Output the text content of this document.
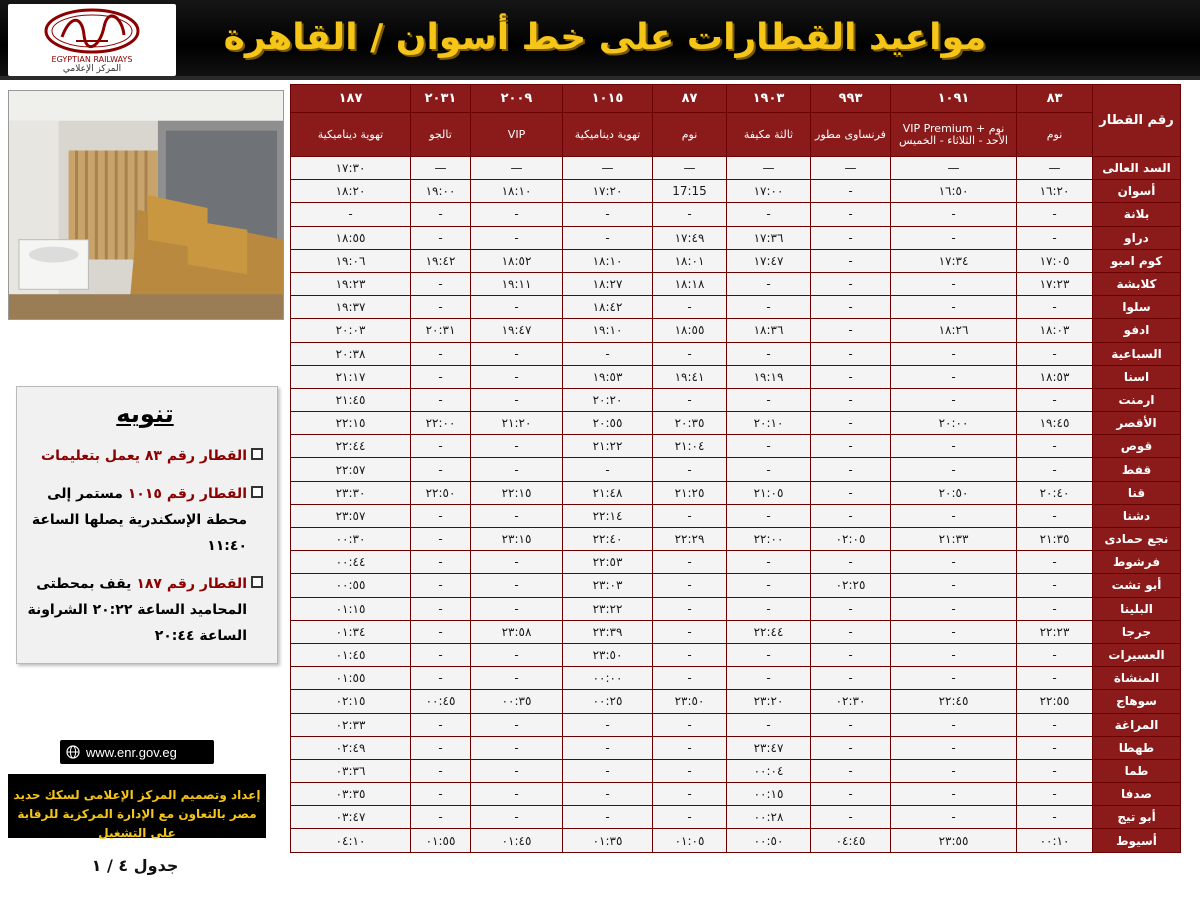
EGYPTIAN RAILWAYS
المركز الإعلامي
مواعيد القطارات على خط أسوان / القاهرة
تنويه
القطار رقم ٨٣ يعمل بتعليمات
القطار رقم ١٠١٥ مستمر إلى محطة الإسكندرية يصلها الساعة ١١:٤٠
القطار رقم ١٨٧ يقف بمحطتى المحاميد الساعة ٢٠:٢٢ الشراونة الساعة ٢٠:٤٤
www.enr.gov.eg
إعداد وتصميم المركز الإعلامى لسكك حديد مصر بالتعاون مع الإدارة المركزية للرقابة على التشغيل
جدول ٤ / ١
رقم القطار	٨٣	١٠٩١	٩٩٣	١٩٠٣	٨٧	١٠١٥	٢٠٠٩	٢٠٣١	١٨٧
	نوم	نوم + VIP Premium الأحد - الثلاثاء - الخميس	فرنساوى مطور	ثالثة مكيفة	نوم	تهوية ديناميكية	VIP	تالجو	تهوية ديناميكية
السد العالى	—	—	—	—	—	—	—	—	١٧:٣٠
أسوان	١٦:٢٠	١٦:٥٠	-	١٧:٠٠	17:15	١٧:٢٠	١٨:١٠	١٩:٠٠	١٨:٢٠
بلانة	-	-	-	-	-	-	-	-	-
دراو	-	-	-	١٧:٣٦	١٧:٤٩	-	-	-	١٨:٥٥
كوم امبو	١٧:٠٥	١٧:٣٤	-	١٧:٤٧	١٨:٠١	١٨:١٠	١٨:٥٢	١٩:٤٢	١٩:٠٦
كلابشة	١٧:٢٣	-	-	-	١٨:١٨	١٨:٢٧	١٩:١١	-	١٩:٢٣
سلوا	-	-	-	-	-	١٨:٤٢	-	-	١٩:٣٧
ادفو	١٨:٠٣	١٨:٢٦	-	١٨:٣٦	١٨:٥٥	١٩:١٠	١٩:٤٧	٢٠:٣١	٢٠:٠٣
السباعية	-	-	-	-	-	-	-	-	٢٠:٣٨
اسنا	١٨:٥٣	-	-	١٩:١٩	١٩:٤١	١٩:٥٣	-	-	٢١:١٧
ارمنت	-	-	-	-	-	٢٠:٢٠	-	-	٢١:٤٥
الأقصر	١٩:٤٥	٢٠:٠٠	-	٢٠:١٠	٢٠:٣٥	٢٠:٥٥	٢١:٢٠	٢٢:٠٠	٢٢:١٥
قوص	-	-	-	-	٢١:٠٤	٢١:٢٢	-	-	٢٢:٤٤
قفط	-	-	-	-	-	-	-	-	٢٢:٥٧
قنا	٢٠:٤٠	٢٠:٥٠	-	٢١:٠٥	٢١:٢٥	٢١:٤٨	٢٢:١٥	٢٢:٥٠	٢٣:٣٠
دشنا	-	-	-	-	-	٢٢:١٤	-	-	٢٣:٥٧
نجع حمادى	٢١:٣٥	٢١:٣٣	٠٢:٠٥	٢٢:٠٠	٢٢:٢٩	٢٢:٤٠	٢٣:١٥	-	٠٠:٣٠
فرشوط	-	-	-	-	-	٢٢:٥٣	-	-	٠٠:٤٤
أبو تشت	-	-	٠٢:٢٥	-	-	٢٣:٠٣	-	-	٠٠:٥٥
البلينا	-	-	-	-	-	٢٣:٢٢	-	-	٠١:١٥
جرجا	٢٢:٢٣	-	-	٢٢:٤٤	-	٢٣:٣٩	٢٣:٥٨	-	٠١:٣٤
العسيرات	-	-	-	-	-	٢٣:٥٠	-	-	٠١:٤٥
المنشاة	-	-	-	-	-	٠٠:٠٠	-	-	٠١:٥٥
سوهاج	٢٢:٥٥	٢٢:٤٥	٠٢:٣٠	٢٣:٢٠	٢٣:٥٠	٠٠:٢٥	٠٠:٣٥	٠٠:٤٥	٠٢:١٥
المراغة	-	-	-	-	-	-	-	-	٠٢:٣٣
طهطا	-	-	-	٢٣:٤٧	-	-	-	-	٠٢:٤٩
طما	-	-	-	٠٠:٠٤	-	-	-	-	٠٣:٣٦
صدفا	-	-	-	٠٠:١٥	-	-	-	-	٠٣:٣٥
أبو تيج	-	-	-	٠٠:٢٨	-	-	-	-	٠٣:٤٧
أسيوط	٠٠:١٠	٢٣:٥٥	٠٤:٤٥	٠٠:٥٠	٠١:٠٥	٠١:٣٥	٠١:٤٥	٠١:٥٥	٠٤:١٠
